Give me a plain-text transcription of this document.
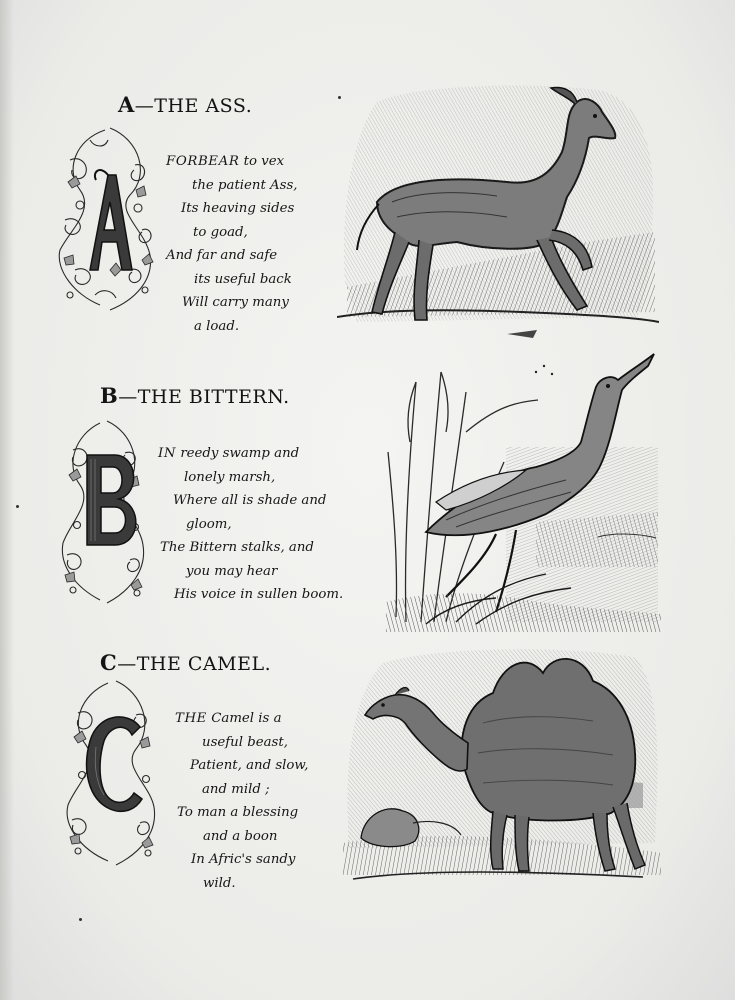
A—THE ASS.
FORBEAR to vex
the patient Ass,
Its heaving sides
to goad,
And far and safe
its useful back
Will carry many
a load.
B—THE BITTERN.
IN reedy swamp and
lonely marsh,
Where all is shade and
gloom,
The Bittern stalks, and
you may hear
His voice in sullen boom.
C—THE CAMEL.
THE Camel is a
useful beast,
Patient, and slow,
and mild ;
To man a blessing
and a boon
In Afric's sandy
wild.
